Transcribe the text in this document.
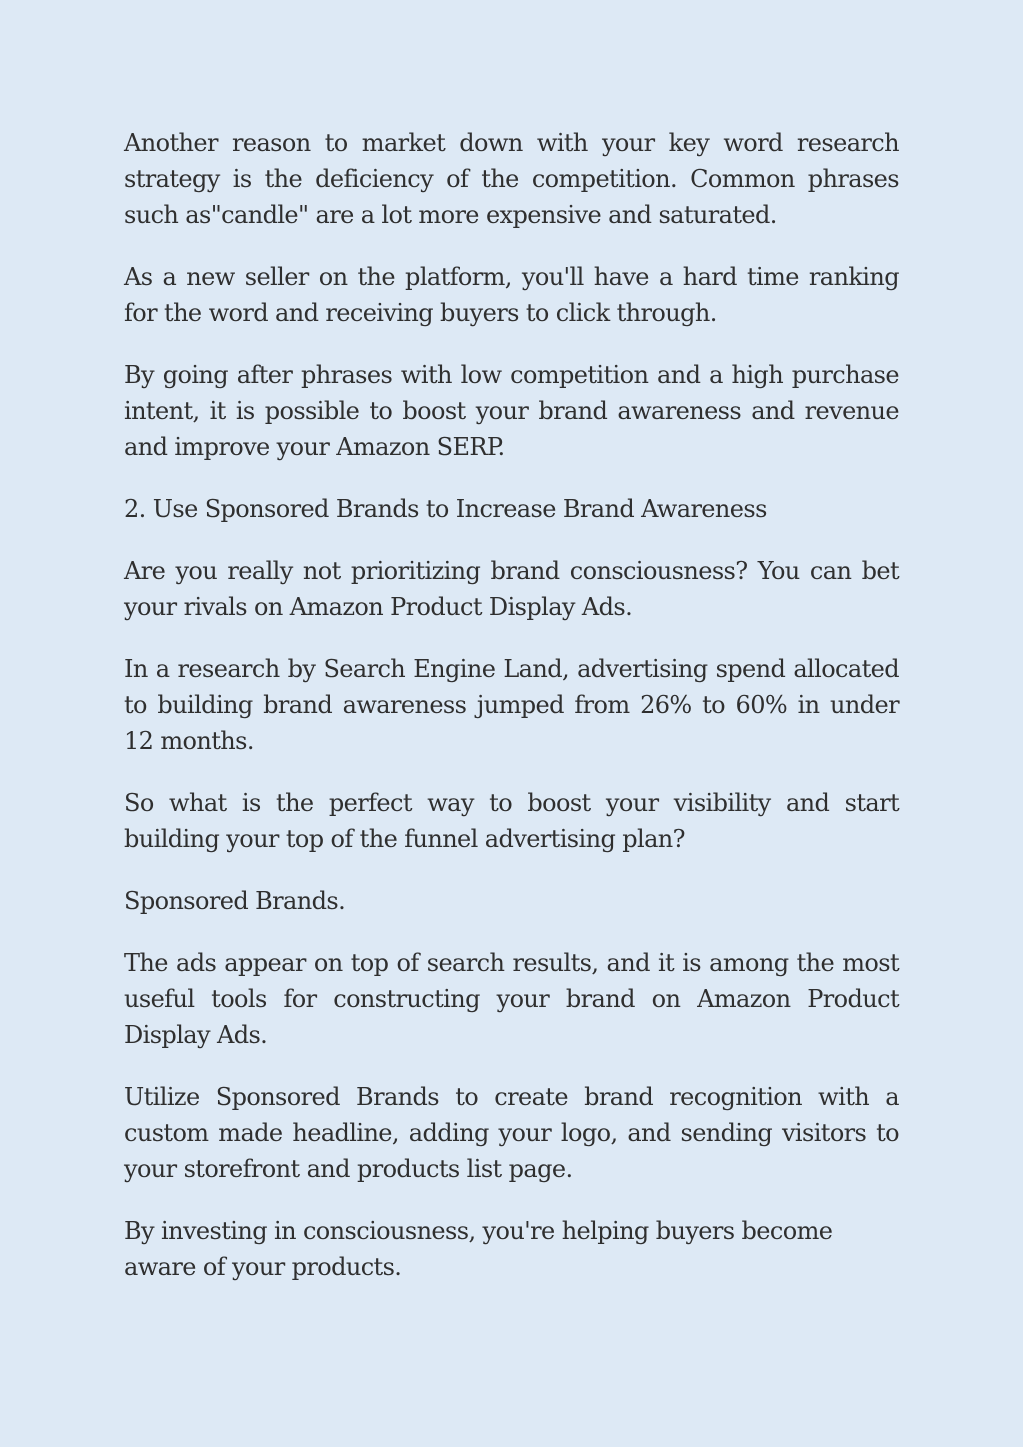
Another reason to market down with your key word research strategy is the deficiency of the competition. Common phrases such as"candle" are a lot more expensive and saturated.

As a new seller on the platform, you'll have a hard time ranking for the word and receiving buyers to click through.

By going after phrases with low competition and a high purchase intent, it is possible to boost your brand awareness and revenue and improve your Amazon SERP.

2. Use Sponsored Brands to Increase Brand Awareness

Are you really not prioritizing brand consciousness? You can bet your rivals on Amazon Product Display Ads.

In a research by Search Engine Land, advertising spend allocated to building brand awareness jumped from 26% to 60% in under 12 months.

So what is the perfect way to boost your visibility and start building your top of the funnel advertising plan?

Sponsored Brands.

The ads appear on top of search results, and it is among the most useful tools for constructing your brand on Amazon Product Display Ads.

Utilize Sponsored Brands to create brand recognition with a custom made headline, adding your logo, and sending visitors to your storefront and products list page.

By investing in consciousness, you're helping buyers become aware of your products.
